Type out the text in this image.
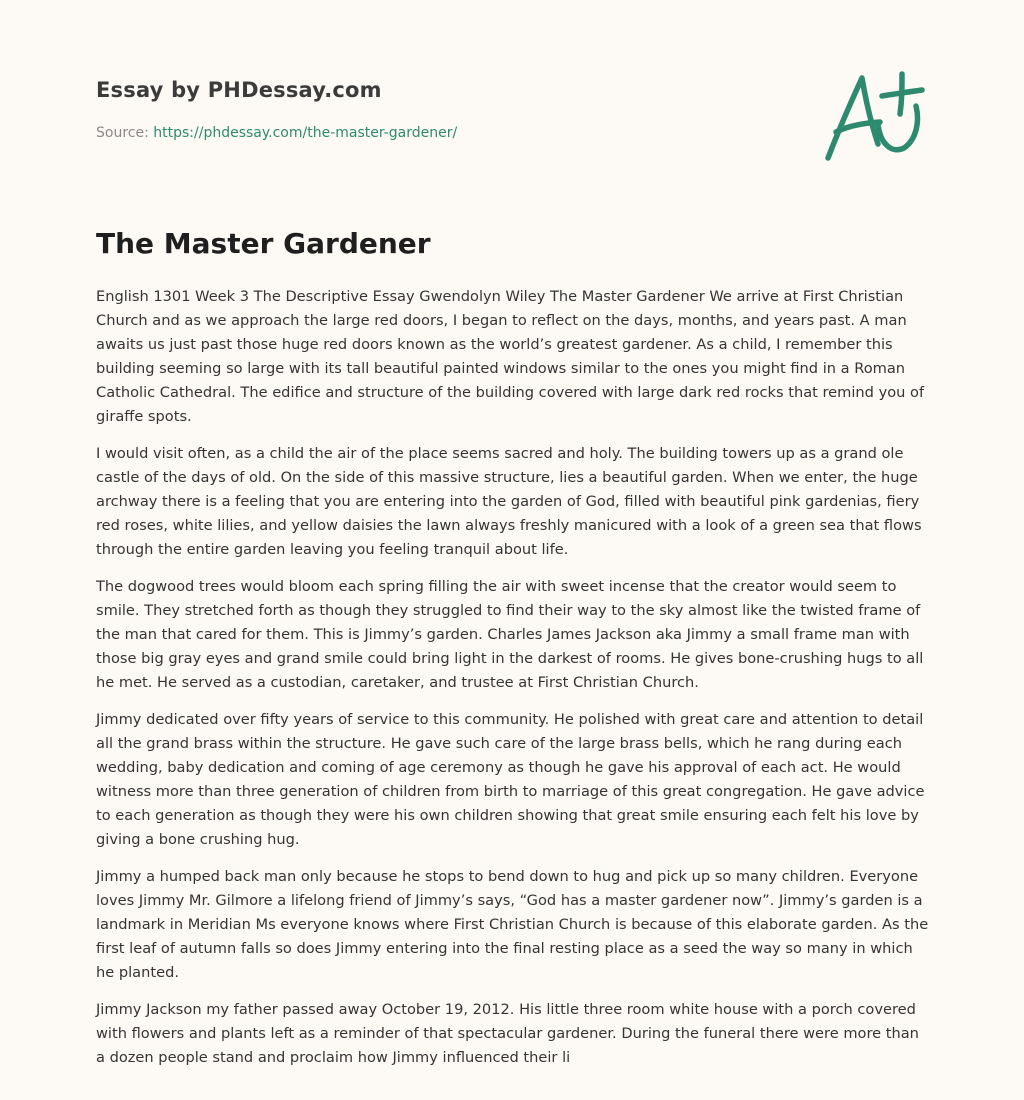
Essay by PHDessay.com
Source: https://phdessay.com/the-master-gardener/
The Master Gardener

English 1301 Week 3 The Descriptive Essay Gwendolyn Wiley The Master Gardener We arrive at First Christian Church and as we approach the large red doors, I began to reflect on the days, months, and years past. A man awaits us just past those huge red doors known as the world’s greatest gardener. As a child, I remember this building seeming so large with its tall beautiful painted windows similar to the ones you might find in a Roman Catholic Cathedral. The edifice and structure of the building covered with large dark red rocks that remind you of giraffe spots.

I would visit often, as a child the air of the place seems sacred and holy. The building towers up as a grand ole castle of the days of old. On the side of this massive structure, lies a beautiful garden. When we enter, the huge archway there is a feeling that you are entering into the garden of God, filled with beautiful pink gardenias, fiery red roses, white lilies, and yellow daisies the lawn always freshly manicured with a look of a green sea that flows through the entire garden leaving you feeling tranquil about life.

The dogwood trees would bloom each spring filling the air with sweet incense that the creator would seem to smile. They stretched forth as though they struggled to find their way to the sky almost like the twisted frame of the man that cared for them. This is Jimmy’s garden. Charles James Jackson aka Jimmy a small frame man with those big gray eyes and grand smile could bring light in the darkest of rooms. He gives bone-crushing hugs to all he met. He served as a custodian, caretaker, and trustee at First Christian Church.

Jimmy dedicated over fifty years of service to this community. He polished with great care and attention to detail all the grand brass within the structure. He gave such care of the large brass bells, which he rang during each wedding, baby dedication and coming of age ceremony as though he gave his approval of each act. He would witness more than three generation of children from birth to marriage of this great congregation. He gave advice to each generation as though they were his own children showing that great smile ensuring each felt his love by giving a bone crushing hug.

Jimmy a humped back man only because he stops to bend down to hug and pick up so many children. Everyone loves Jimmy Mr. Gilmore a lifelong friend of Jimmy’s says, “God has a master gardener now”. Jimmy’s garden is a landmark in Meridian Ms everyone knows where First Christian Church is because of this elaborate garden. As the first leaf of autumn falls so does Jimmy entering into the final resting place as a seed the way so many in which he planted.

Jimmy Jackson my father passed away October 19, 2012. His little three room white house with a porch covered with flowers and plants left as a reminder of that spectacular gardener. During the funeral there were more than a dozen people stand and proclaim how Jimmy influenced their li
